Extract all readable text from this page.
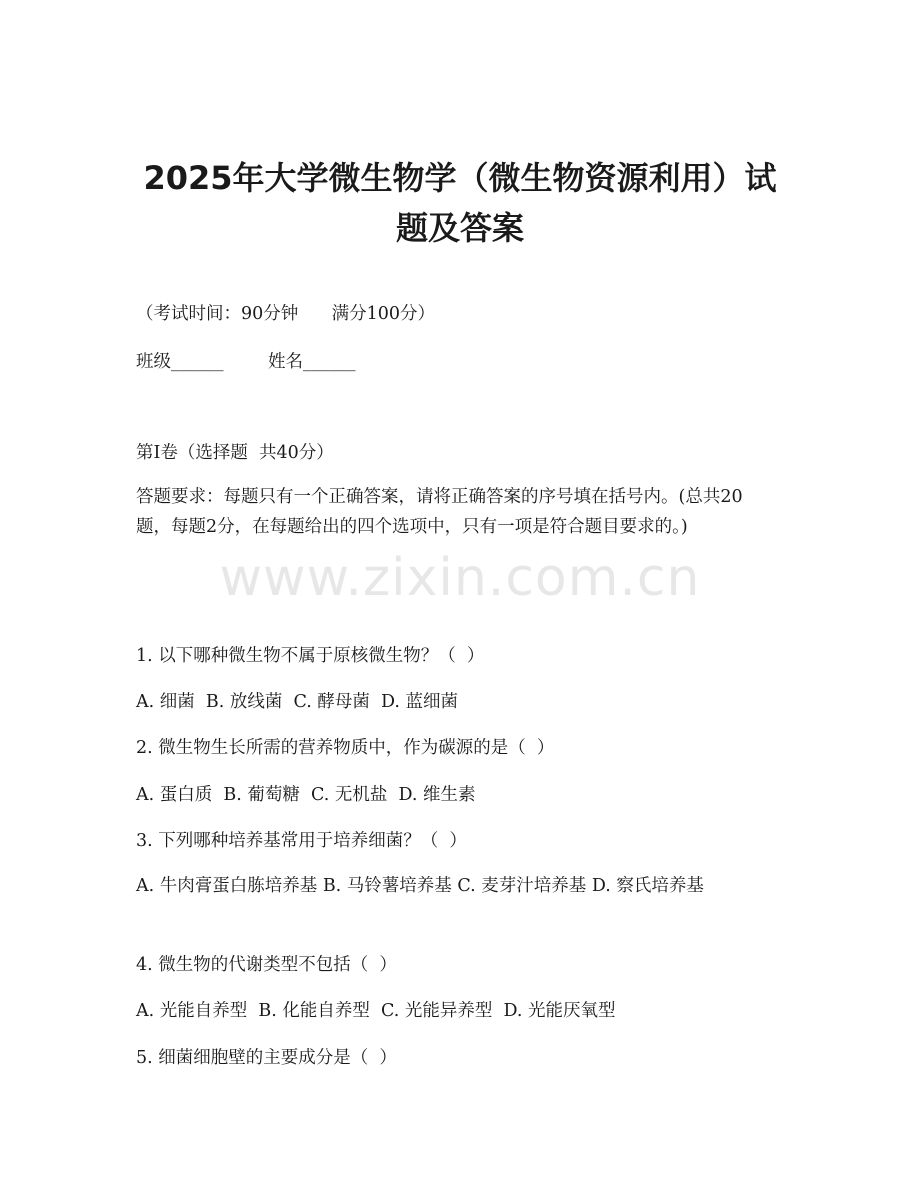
2025年大学微生物学（微生物资源利用）试
题及答案
（考试时间：90分钟      满分100分）
班级______        姓名______
第I卷（选择题  共40分）
答题要求：每题只有一个正确答案，请将正确答案的序号填在括号内。(总共20题，每题2分，在每题给出的四个选项中，只有一项是符合题目要求的。)
www.zixin.com.cn
1. 以下哪种微生物不属于原核微生物？（  ）
A. 细菌  B. 放线菌  C. 酵母菌  D. 蓝细菌
2. 微生物生长所需的营养物质中，作为碳源的是（  ）
A. 蛋白质  B. 葡萄糖  C. 无机盐  D. 维生素
3. 下列哪种培养基常用于培养细菌？（  ）
A. 牛肉膏蛋白胨培养基 B. 马铃薯培养基 C. 麦芽汁培养基 D. 察氏培养基
4. 微生物的代谢类型不包括（  ）
A. 光能自养型  B. 化能自养型  C. 光能异养型  D. 光能厌氧型
5. 细菌细胞壁的主要成分是（  ）
